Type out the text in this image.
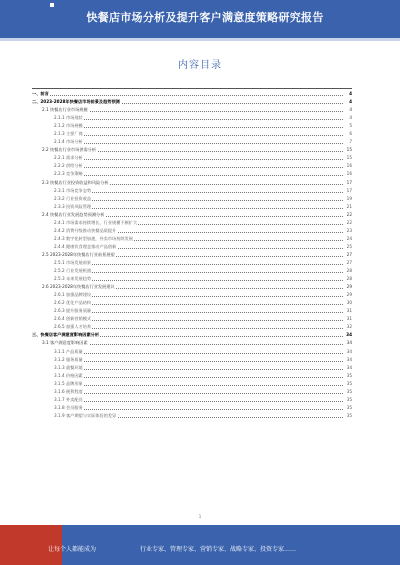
快餐店市场分析及提升客户满意度策略研究报告
内容目录
一、前言	4
二、2023-2028年快餐店市场前景及趋势预测	4
2.1 快餐店行业市场规模	4
2.1.1 市场现状	4
2.1.2 市场规模	5
2.1.3 主要厂商	6
2.1.4 市场分析	7
2.2 快餐店行业市场供需分析	15
2.2.1 需求分析	15
2.2.2 供给分析	16
2.2.3 竞争策略	16
2.3 快餐店行业投资收益和风险分析	17
2.3.1 市场竞争态势	17
2.3.2 行业投资收益	19
2.3.3 投资风险管理	21
2.4 快餐店行业发展趋势预测分析	22
2.4.1 市场需求持续增长，行业规模不断扩大	22
2.4.2 消费升级推动快餐品质提升	23
2.4.3 数字化转型加速，外卖市场持续发展	24
2.4.4 健康饮食理念推动产品创新	25
2.5 2023-2028年快餐店行业前景展望	27
2.5.1 市场发展前景	27
2.5.2 行业发展机遇	28
2.5.3 未来发展趋势	28
2.6 2023-2028年快餐店行业发展建议	29
2.6.1 加强品牌建设	29
2.6.2 优化产品结构	30
2.6.3 提升服务质量	31
2.6.4 创新营销模式	31
2.6.5 加强人才培养	32
三、快餐店客户满意度影响因素分析	34
3.1 客户满意度影响因素	34
3.1.1 产品质量	34
3.1.2 服务质量	34
3.1.3 就餐环境	34
3.1.4 价格因素	35
3.1.5 品牌形象	35
3.1.6 便利程度	35
3.1.7 外卖配送	35
3.1.8 会员服务	35
3.1.9 客户期望与实际体验的差异	35
1
让每个人都能成为	行业专家、管理专家、营销专家、战略专家、投资专家……
